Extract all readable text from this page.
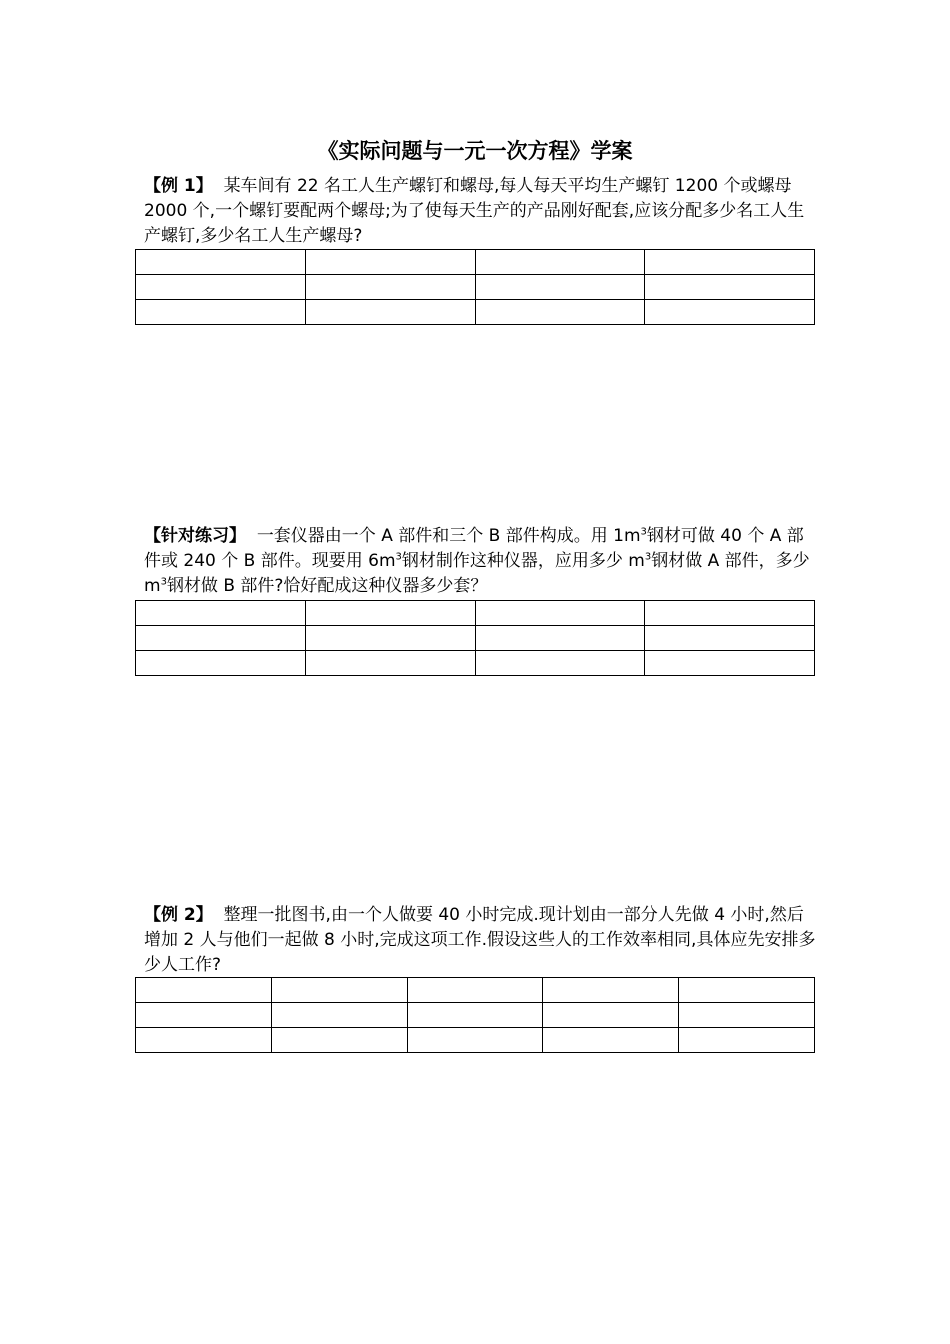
《实际问题与一元一次方程》学案

【例 1】 某车间有 22 名工人生产螺钉和螺母,每人每天平均生产螺钉 1200 个或螺母 2000 个,一个螺钉要配两个螺母;为了使每天生产的产品刚好配套,应该分配多少名工人生产螺钉,多少名工人生产螺母?

【针对练习】 一套仪器由一个 A 部件和三个 B 部件构成。用 $1m^3$钢材可做 40 个 A 部件或 240 个 B 部件。现要用 $6m^3$钢材制作这种仪器，应用多少 $m^3$钢材做 A 部件，多少 $m^3$钢材做 B 部件?恰好配成这种仪器多少套？

【例 2】 整理一批图书,由一个人做要 40 小时完成.现计划由一部分人先做 4 小时,然后增加 2 人与他们一起做 8 小时,完成这项工作.假设这些人的工作效率相同,具体应先安排多少人工作?
